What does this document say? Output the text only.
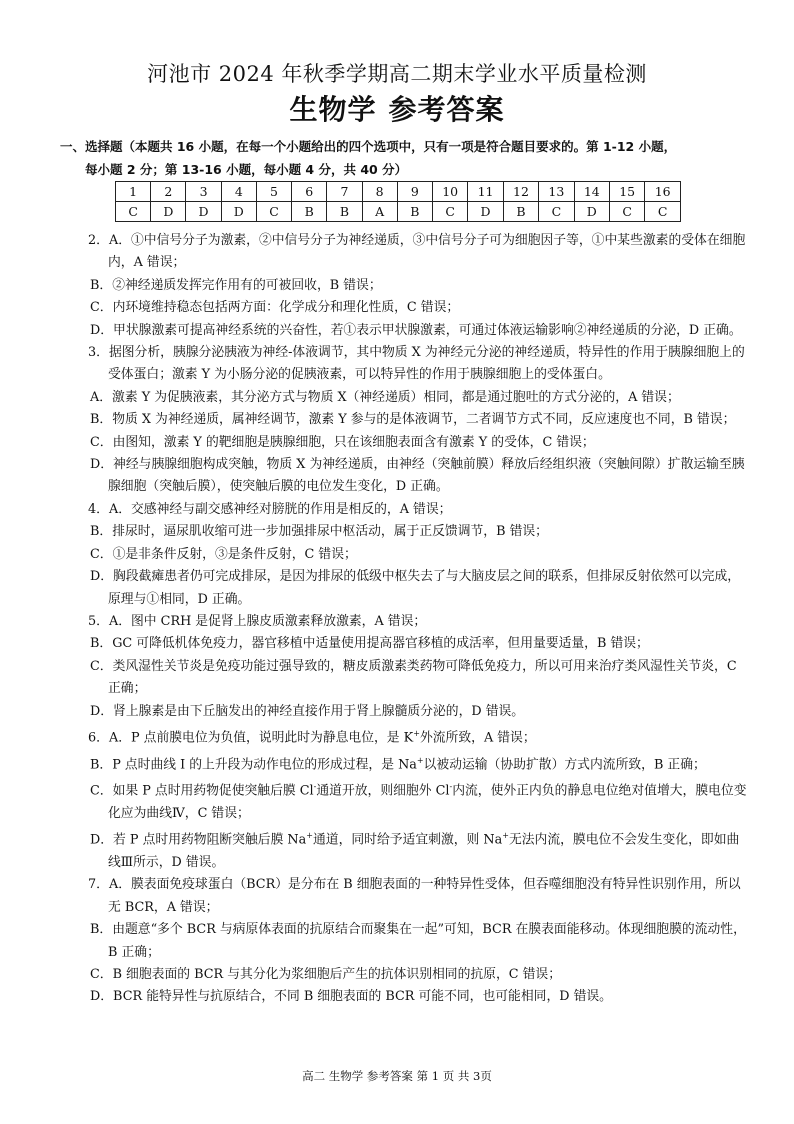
河池市 2024 年秋季学期高二期末学业水平质量检测
生物学 参考答案
一、选择题（本题共 16 小题，在每一个小题给出的四个选项中，只有一项是符合题目要求的。第 1-12 小题，
每小题 2 分；第 13-16 小题，每小题 4 分，共 40 分）
1	2	3	4	5	6	7	8	9	10	11	12	13	14	15	16
C	D	D	D	C	B	B	A	B	C	D	B	C	D	C	C
2．A．①中信号分子为激素，②中信号分子为神经递质，③中信号分子可为细胞因子等，①中某些激素的受体在细胞内，A 错误；
B．②神经递质发挥完作用有的可被回收，B 错误；
C．内环境维持稳态包括两方面：化学成分和理化性质，C 错误；
D．甲状腺激素可提高神经系统的兴奋性，若①表示甲状腺激素，可通过体液运输影响②神经递质的分泌，D 正确。
3．据图分析，胰腺分泌胰液为神经-体液调节，其中物质 X 为神经元分泌的神经递质，特异性的作用于胰腺细胞上的受体蛋白；激素 Y 为小肠分泌的促胰液素，可以特异性的作用于胰腺细胞上的受体蛋白。
A．激素 Y 为促胰液素，其分泌方式与物质 X（神经递质）相同，都是通过胞吐的方式分泌的，A 错误；
B．物质 X 为神经递质，属神经调节，激素 Y 参与的是体液调节，二者调节方式不同，反应速度也不同，B 错误；
C．由图知，激素 Y 的靶细胞是胰腺细胞，只在该细胞表面含有激素 Y 的受体，C 错误；
D．神经与胰腺细胞构成突触，物质 X 为神经递质，由神经（突触前膜）释放后经组织液（突触间隙）扩散运输至胰腺细胞（突触后膜），使突触后膜的电位发生变化，D 正确。
4．A．交感神经与副交感神经对膀胱的作用是相反的，A 错误；
B．排尿时，逼尿肌收缩可进一步加强排尿中枢活动，属于正反馈调节，B 错误；
C．①是非条件反射，③是条件反射，C 错误；
D．胸段截瘫患者仍可完成排尿，是因为排尿的低级中枢失去了与大脑皮层之间的联系，但排尿反射依然可以完成，原理与①相同，D 正确。
5．A．图中 CRH 是促肾上腺皮质激素释放激素，A 错误；
B．GC 可降低机体免疫力，器官移植中适量使用提高器官移植的成活率，但用量要适量，B 错误；
C．类风湿性关节炎是免疫功能过强导致的，糖皮质激素类药物可降低免疫力，所以可用来治疗类风湿性关节炎，C 正确；
D．肾上腺素是由下丘脑发出的神经直接作用于肾上腺髓质分泌的，D 错误。
6．A．P 点前膜电位为负值，说明此时为静息电位，是 K+外流所致，A 错误；
B．P 点时曲线 I 的上升段为动作电位的形成过程，是 Na+以被动运输（协助扩散）方式内流所致，B 正确；
C．如果 P 点时用药物促使突触后膜 Cl-通道开放，则细胞外 Cl-内流，使外正内负的静息电位绝对值增大，膜电位变化应为曲线Ⅳ，C 错误；
D．若 P 点时用药物阻断突触后膜 Na+通道，同时给予适宜刺激，则 Na+无法内流，膜电位不会发生变化，即如曲线Ⅲ所示，D 错误。
7．A．膜表面免疫球蛋白（BCR）是分布在 B 细胞表面的一种特异性受体，但吞噬细胞没有特异性识别作用，所以无 BCR，A 错误；
B．由题意“多个 BCR 与病原体表面的抗原结合而聚集在一起”可知，BCR 在膜表面能移动。体现细胞膜的流动性，B 正确；
C．B 细胞表面的 BCR 与其分化为浆细胞后产生的抗体识别相同的抗原，C 错误；
D．BCR 能特异性与抗原结合，不同 B 细胞表面的 BCR 可能不同，也可能相同，D 错误。
高二 生物学 参考答案 第 1 页 共 3页
